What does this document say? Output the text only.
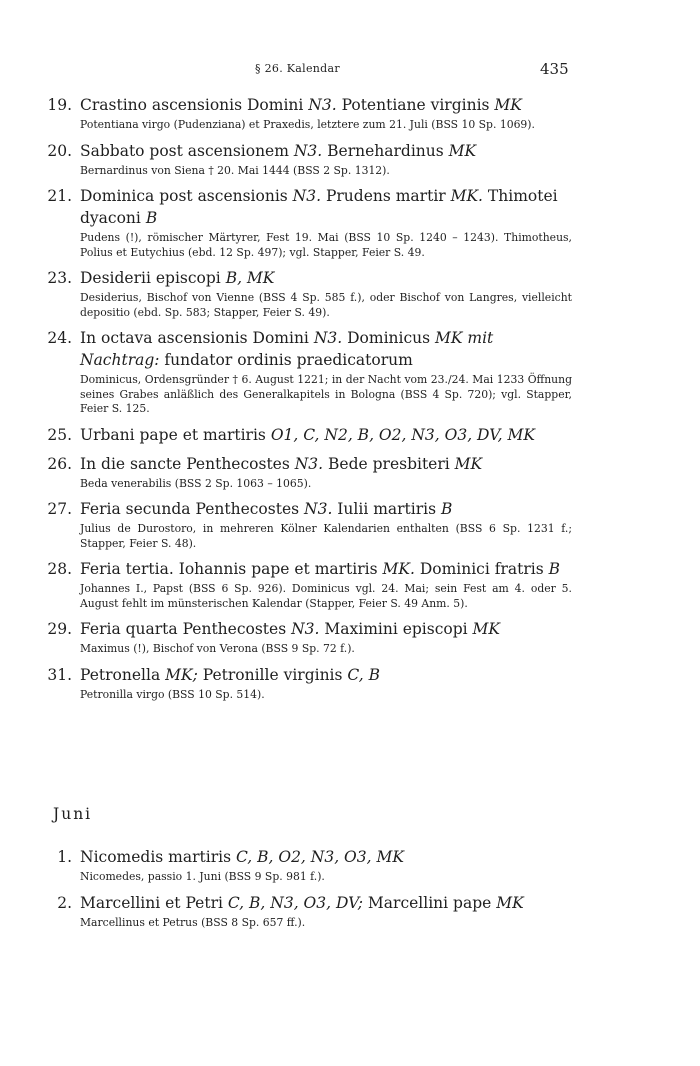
§ 26. Kalendar	435
19. Crastino ascensionis Domini N3. Potentiane virginis MK
Potentiana virgo (Pudenziana) et Praxedis, letztere zum 21. Juli (BSS 10 Sp. 1069).
20. Sabbato post ascensionem N3. Bernehardinus MK
Bernardinus von Siena † 20. Mai 1444 (BSS 2 Sp. 1312).
21. Dominica post ascensionis N3. Prudens martir MK. Thimotei dyaconi B
Pudens (!), römischer Märtyrer, Fest 19. Mai (BSS 10 Sp. 1240 – 1243). Thimotheus, Polius et Eutychius (ebd. 12 Sp. 497); vgl. Stapper, Feier S. 49.
23. Desiderii episcopi B, MK
Desiderius, Bischof von Vienne (BSS 4 Sp. 585 f.), oder Bischof von Langres, vielleicht depositio (ebd. Sp. 583; Stapper, Feier S. 49).
24. In octava ascensionis Domini N3. Dominicus MK mit Nachtrag: fundator ordinis praedicatorum
Dominicus, Ordensgründer † 6. August 1221; in der Nacht vom 23./24. Mai 1233 Öffnung seines Grabes anläßlich des Generalkapitels in Bologna (BSS 4 Sp. 720); vgl. Stapper, Feier S. 125.
25. Urbani pape et martiris O1, C, N2, B, O2, N3, O3, DV, MK
26. In die sancte Penthecostes N3. Bede presbiteri MK
Beda venerabilis (BSS 2 Sp. 1063 – 1065).
27. Feria secunda Penthecostes N3. Iulii martiris B
Julius de Durostoro, in mehreren Kölner Kalendarien enthalten (BSS 6 Sp. 1231 f.; Stapper, Feier S. 48).
28. Feria tertia. Iohannis pape et martiris MK. Dominici fratris B
Johannes I., Papst (BSS 6 Sp. 926). Dominicus vgl. 24. Mai; sein Fest am 4. oder 5. August fehlt im münsterischen Kalendar (Stapper, Feier S. 49 Anm. 5).
29. Feria quarta Penthecostes N3. Maximini episcopi MK
Maximus (!), Bischof von Verona (BSS 9 Sp. 72 f.).
31. Petronella MK; Petronille virginis C, B
Petronilla virgo (BSS 10 Sp. 514).
Juni
1. Nicomedis martiris C, B, O2, N3, O3, MK
Nicomedes, passio 1. Juni (BSS 9 Sp. 981 f.).
2. Marcellini et Petri C, B, N3, O3, DV; Marcellini pape MK
Marcellinus et Petrus (BSS 8 Sp. 657 ff.).
